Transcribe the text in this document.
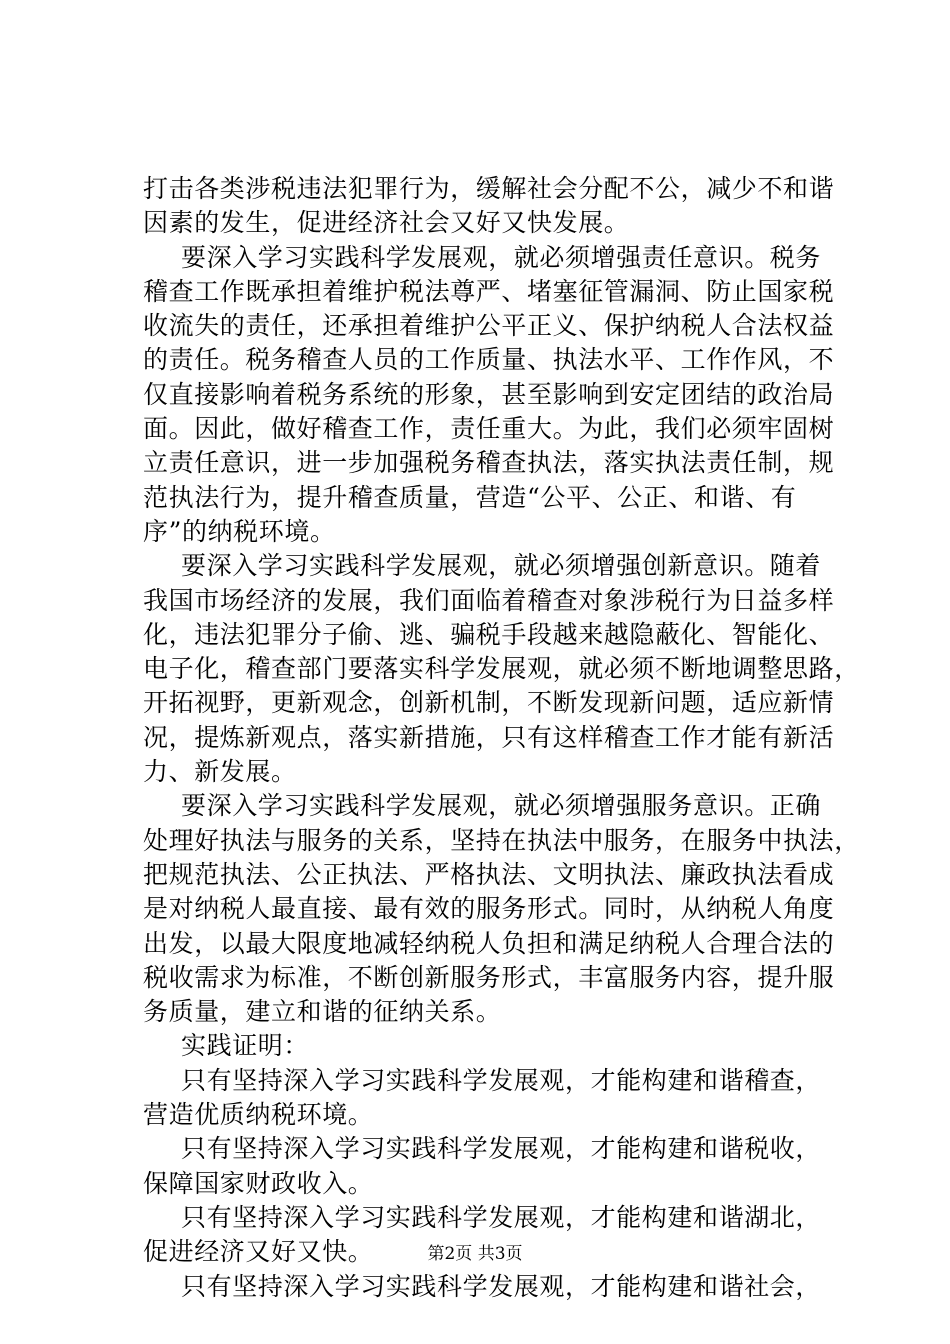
打击各类涉税违法犯罪行为，缓解社会分配不公，减少不和谐
因素的发生，促进经济社会又好又快发展。
要深入学习实践科学发展观，就必须增强责任意识。税务
稽查工作既承担着维护税法尊严、堵塞征管漏洞、防止国家税
收流失的责任，还承担着维护公平正义、保护纳税人合法权益
的责任。税务稽查人员的工作质量、执法水平、工作作风，不
仅直接影响着税务系统的形象，甚至影响到安定团结的政治局
面。因此，做好稽查工作，责任重大。为此，我们必须牢固树
立责任意识，进一步加强税务稽查执法，落实执法责任制，规
范执法行为，提升稽查质量，营造“公平、公正、和谐、有
序”的纳税环境。
要深入学习实践科学发展观，就必须增强创新意识。随着
我国市场经济的发展，我们面临着稽查对象涉税行为日益多样
化，违法犯罪分子偷、逃、骗税手段越来越隐蔽化、智能化、
电子化，稽查部门要落实科学发展观，就必须不断地调整思路，
开拓视野，更新观念，创新机制，不断发现新问题，适应新情
况，提炼新观点，落实新措施，只有这样稽查工作才能有新活
力、新发展。
要深入学习实践科学发展观，就必须增强服务意识。正确
处理好执法与服务的关系，坚持在执法中服务，在服务中执法，
把规范执法、公正执法、严格执法、文明执法、廉政执法看成
是对纳税人最直接、最有效的服务形式。同时，从纳税人角度
出发，以最大限度地减轻纳税人负担和满足纳税人合理合法的
税收需求为标准，不断创新服务形式，丰富服务内容，提升服
务质量，建立和谐的征纳关系。
实践证明：
只有坚持深入学习实践科学发展观，才能构建和谐稽查，
营造优质纳税环境。
只有坚持深入学习实践科学发展观，才能构建和谐税收，
保障国家财政收入。
只有坚持深入学习实践科学发展观，才能构建和谐湖北，
促进经济又好又快。
只有坚持深入学习实践科学发展观，才能构建和谐社会，
第2页 共3页
